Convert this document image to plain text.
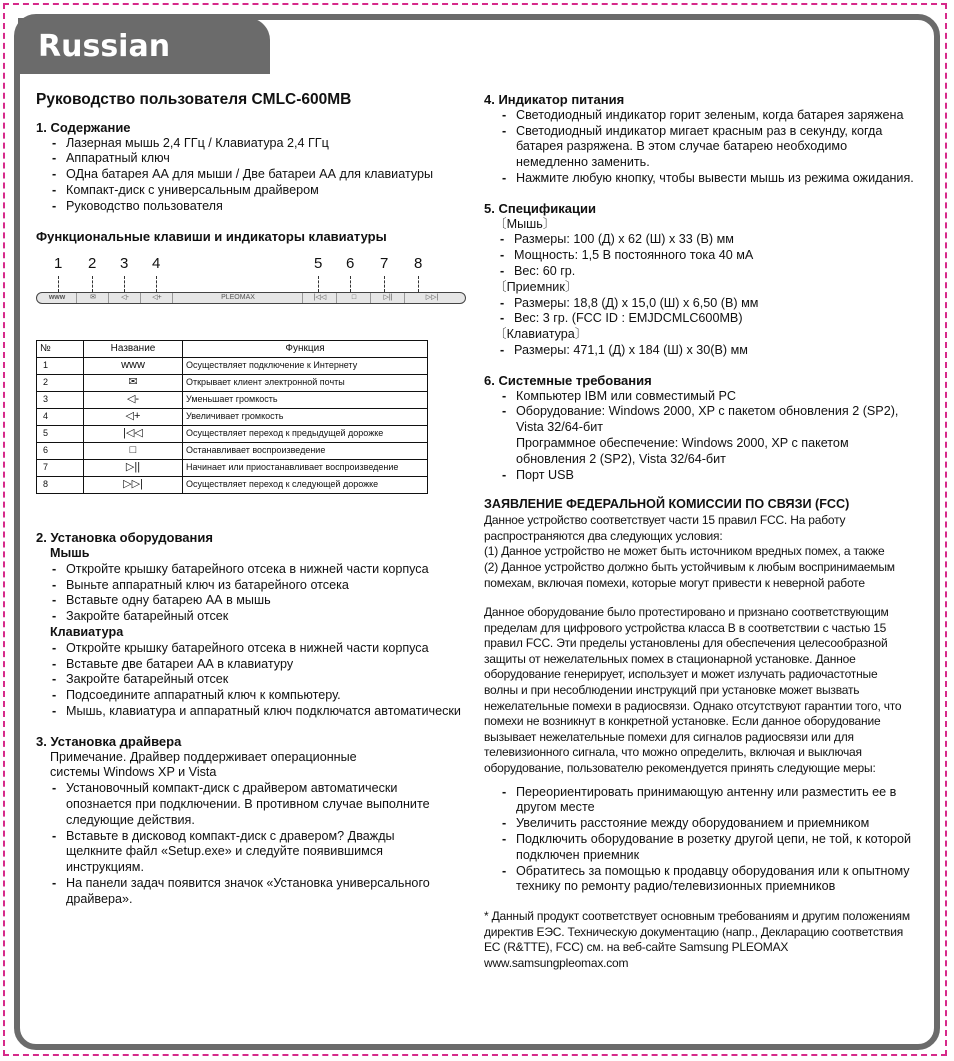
Russian

Руководство пользователя CMLC-600MB

1. Содержание

- Лазерная мышь 2,4 ГГц / Клавиатура 2,4 ГГц
- Аппаратный ключ
- ОДна батарея АА для мыши / Две батареи АА для клавиатуры
- Компакт-диск с универсальным драйвером
- Руководство пользователя

Функциональные клавиши и индикаторы клавиатуры

1 2 3 4	5 6 7 8
www	✉	◁-	◁+	PLEOMAX	|◁◁	□	▷||	▷▷|
№	Название	Функция
1	www	Осуществляет подключение к Интернету
2	✉	Открывает клиент электронной почты
3	◁-	Уменьшает громкость
4	◁+	Увеличивает громкость
5	|◁◁	Осуществляет переход к предыдущей дорожке
6	□	Останавливает воспроизведение
7	▷||	Начинает или приостанавливает воспроизведение
8	▷▷|	Осуществляет переход к следующей дорожке

2. Установка оборудования

Мышь

- Откройте крышку батарейного отсека в нижней части корпуса
- Выньте аппаратный ключ из батарейного отсека
- Вставьте одну батарею АА в мышь
- Закройте батарейный отсек

Клавиатура

- Откройте крышку батарейного отсека в нижней части корпуса
- Вставьте две батареи АА в клавиатуру
- Закройте батарейный отсек
- Подсоедините аппаратный ключ к компьютеру.
- Мышь, клавиатура и аппаратный ключ подключатся автоматически

3. Установка драйвера

Примечание. Драйвер поддерживает операционные системы Windows XP и Vista

- Установочный компакт-диск с драйвером автоматически опознается при подключении. В противном случае выполните следующие действия.
- Вставьте в дисковод компакт-диск с дравером? Дважды щелкните файл «Setup.exe» и следуйте появившимся инструкциям.
- На панели задач появится значок «Установка универсального драйвера».

4. Индикатор питания

- Светодиодный индикатор горит зеленым, когда батарея заряжена
- Светодиодный индикатор мигает красным раз в секунду, когда батарея разряжена. В этом случае батарею необходимо немедленно заменить.
- Нажмите любую кнопку, чтобы вывести мышь из режима ожидания.

5. Спецификации

〔Мышь〕

- Размеры: 100 (Д) x 62 (Ш) x 33 (В) мм
- Мощность: 1,5 В постоянного тока 40 мА
- Вес: 60 гр.

〔Приемник〕

- Размеры: 18,8 (Д) x 15,0 (Ш) x 6,50 (В) мм
- Вес: 3 гр. (FCC ID : EMJDCMLC600MB)

〔Клавиатура〕

- Размеры: 471,1 (Д) x 184 (Ш) x 30(В) мм

6. Системные требования

- Компьютер IBM или совместимый PC
- Оборудование: Windows 2000, XP с пакетом обновления 2 (SP2), Vista 32/64-бит
Программное обеспечение: Windows 2000, XP с пакетом обновления 2 (SP2), Vista 32/64-бит
- Порт USB

ЗАЯВЛЕНИЕ ФЕДЕРАЛЬНОЙ КОМИССИИ ПО СВЯЗИ (FCC)

Данное устройство соответствует части 15 правил FCC. На работу распространяются два следующих условия:

(1) Данное устройство не может быть источником вредных помех, а также

(2) Данное устройство должно быть устойчивым к любым воспринимаемым помехам, включая помехи, которые могут привести к неверной работе

Данное оборудование было протестировано и признано соответствующим пределам для цифрового устройства класса В в соответствии с частью 15 правил FCC. Эти пределы установлены для обеспечения целесообразной защиты от нежелательных помех в стационарной установке. Данное оборудование генерирует, использует и может излучать радиочастотные волны и при несоблюдении инструкций при установке может вызвать нежелательные помехи в радиосвязи. Однако отсутствуют гарантии того, что помехи не возникнут в конкретной установке. Если данное оборудование вызывает нежелательные помехи для сигналов радиосвязи или для телевизионного сигнала, что можно определить, включая и выключая оборудование, пользователю рекомендуется принять следующие меры:

- Переориентировать принимающую антенну или разместить ее в другом месте
- Увеличить расстояние между оборудованием и приемником
- Подключить оборудование в розетку другой цепи, не той, к которой подключен приемник
- Обратитесь за помощью к продавцу оборудования или к опытному технику по ремонту радио/телевизионных приемников

* Данный продукт соответствует основным требованиям и другим положениям директив ЕЭС. Техническую документацию (напр., Декларацию соответствия ЕС (R&TTE), FCC) см. на веб-сайте Samsung PLEOMAX www.samsungpleomax.com
